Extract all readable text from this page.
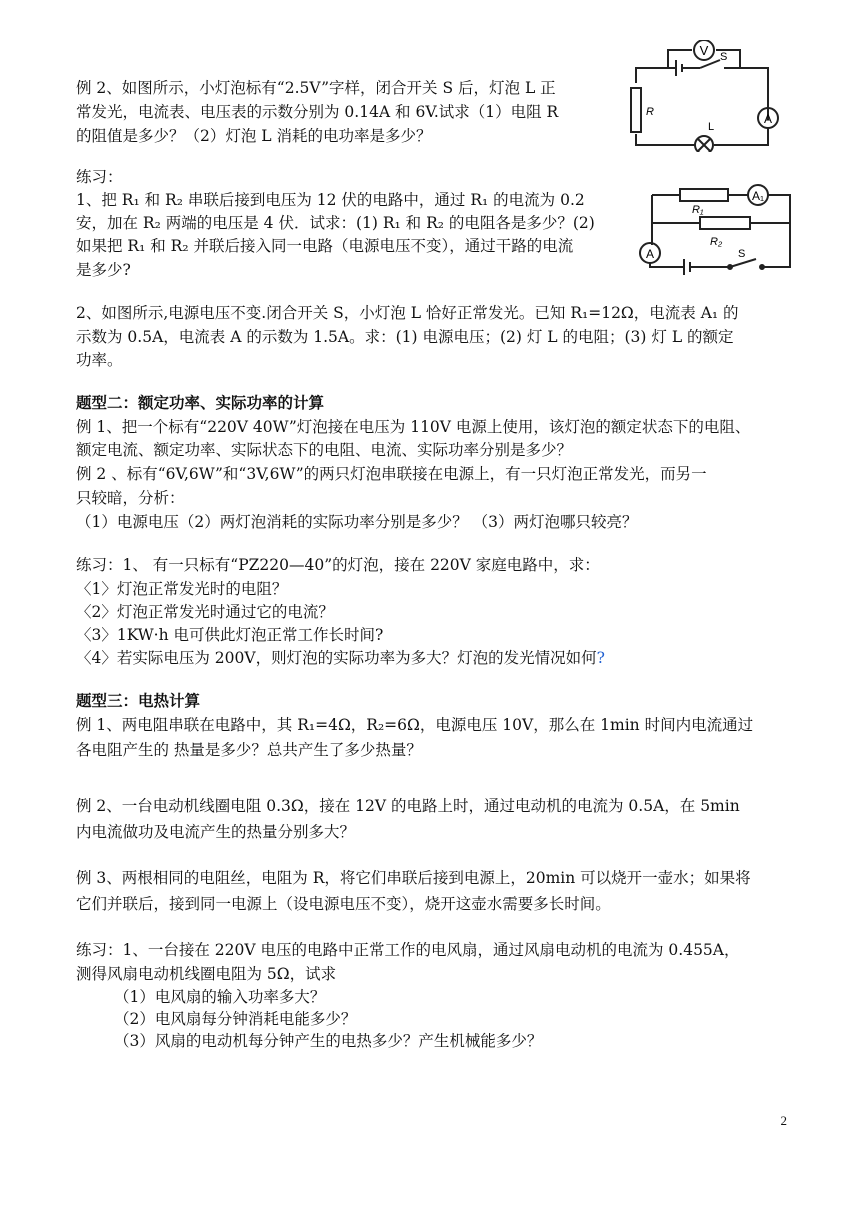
V S
R	A
L
A₁
R₁
R₂
A	S
例 2、如图所示，小灯泡标有“2.5V”字样，闭合开关 S 后，灯泡 L 正
常发光，电流表、电压表的示数分别为 0.14A 和 6V.试求（1）电阻 R
的阻值是多少？（2）灯泡 L 消耗的电功率是多少？
练习：
1、把 R₁ 和 R₂ 串联后接到电压为 12 伏的电路中，通过 R₁ 的电流为 0.2
安，加在 R₂ 两端的电压是 4 伏．试求：(1) R₁ 和 R₂ 的电阻各是多少？(2)
如果把 R₁ 和 R₂ 并联后接入同一电路（电源电压不变），通过干路的电流
是多少?
2、如图所示,电源电压不变.闭合开关 S，小灯泡 L 恰好正常发光。已知 R₁=12Ω，电流表 A₁ 的
示数为 0.5A，电流表 A 的示数为 1.5A。求：(1) 电源电压；(2) 灯 L 的电阻；(3) 灯 L 的额定
功率。
题型二：额定功率、实际功率的计算
例 1、把一个标有“220V 40W”灯泡接在电压为 110V 电源上使用，该灯泡的额定状态下的电阻、
额定电流、额定功率、实际状态下的电阻、电流、实际功率分别是多少？
例 2 、标有“6V,6W”和“3V,6W”的两只灯泡串联接在电源上，有一只灯泡正常发光，而另一
只较暗，分析：
（1）电源电压（2）两灯泡消耗的实际功率分别是多少？ （3）两灯泡哪只较亮？
练习：1、 有一只标有“PZ220—40”的灯泡，接在 220V 家庭电路中，求：
〈1〉灯泡正常发光时的电阻？
〈2〉灯泡正常发光时通过它的电流？
〈3〉1KW·h 电可供此灯泡正常工作长时间?
〈4〉若实际电压为 200V，则灯泡的实际功率为多大？灯泡的发光情况如何?
题型三：电热计算
例 1、两电阻串联在电路中，其 R₁=4Ω，R₂=6Ω，电源电压 10V，那么在 1min 时间内电流通过
各电阻产生的 热量是多少？总共产生了多少热量？
例 2、一台电动机线圈电阻 0.3Ω，接在 12V 的电路上时，通过电动机的电流为 0.5A，在 5min
内电流做功及电流产生的热量分别多大？
例 3、两根相同的电阻丝，电阻为 R，将它们串联后接到电源上，20min 可以烧开一壶水；如果将
它们并联后，接到同一电源上（设电源电压不变），烧开这壶水需要多长时间。
练习：1、一台接在 220V 电压的电路中正常工作的电风扇，通过风扇电动机的电流为 0.455A，
测得风扇电动机线圈电阻为 5Ω，试求
（1）电风扇的输入功率多大？
（2）电风扇每分钟消耗电能多少？
（3）风扇的电动机每分钟产生的电热多少？产生机械能多少？
2
